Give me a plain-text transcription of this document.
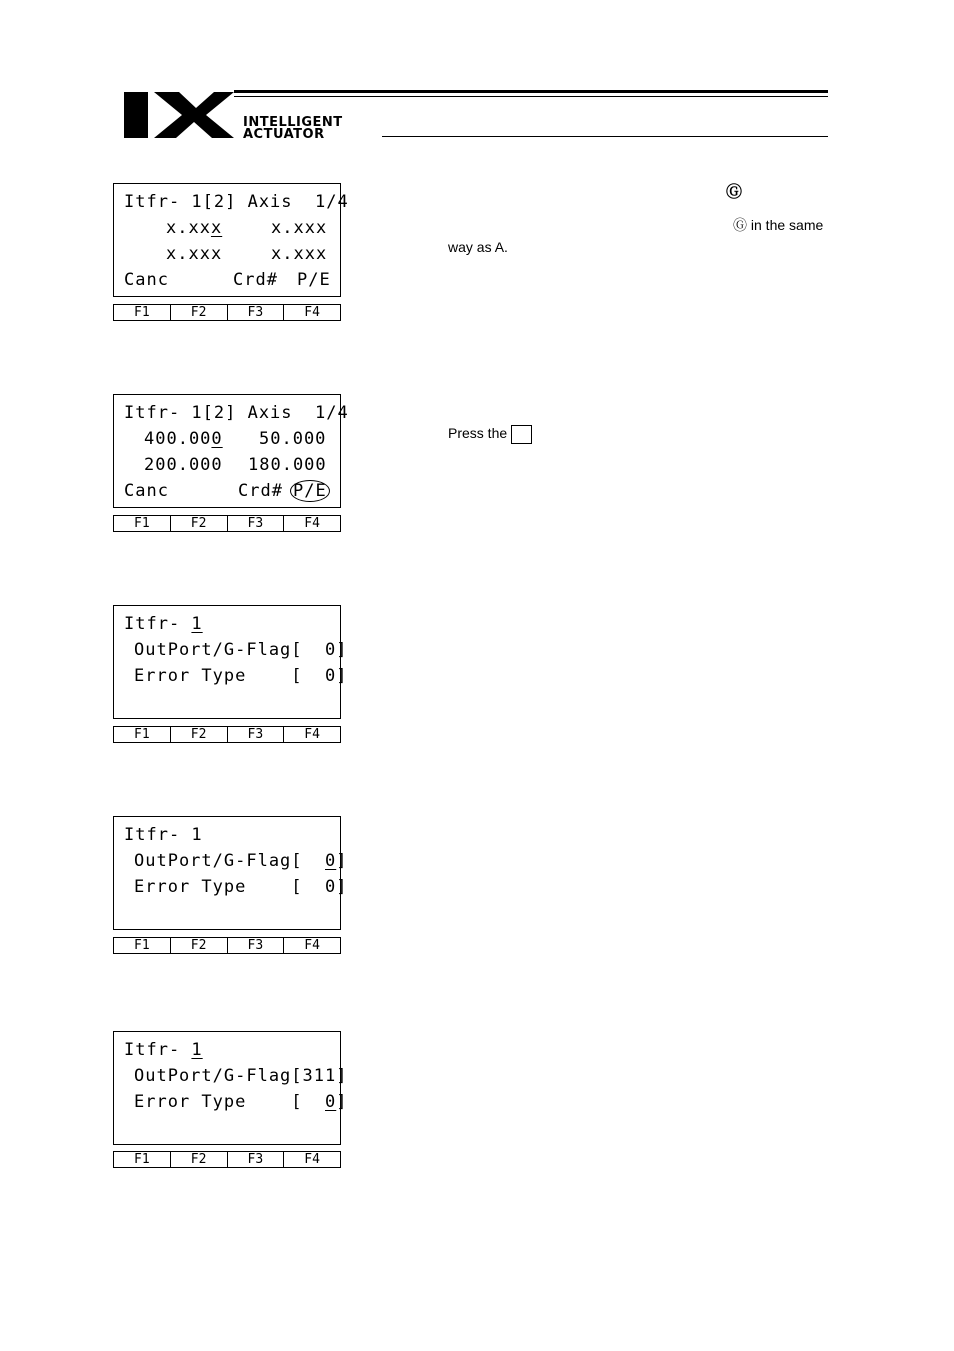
INTELLIGENT
ACTUATOR
Itfr- 1[2] Axis  1/4
x.xxx	x.xxx
x.xxx	x.xxx
Canc	Crd# P/E
F1	F2	F3	F4
Itfr- 1[2] Axis  1/4
400.000 50.000
200.000 180.000
Canc	Crd# P/E
F1	F2	F3	F4
Itfr- 1
OutPort/G-Flag[  0]
Error Type    [  0]
F1	F2	F3	F4
Itfr- 1
OutPort/G-Flag[  0]
Error Type    [  0]
F1	F2	F3	F4
Itfr- 1
OutPort/G-Flag[311]
Error Type    [  0]
F1	F2	F3	F4
Ⓖ
Ⓖ in the same
way as A.
Press the
